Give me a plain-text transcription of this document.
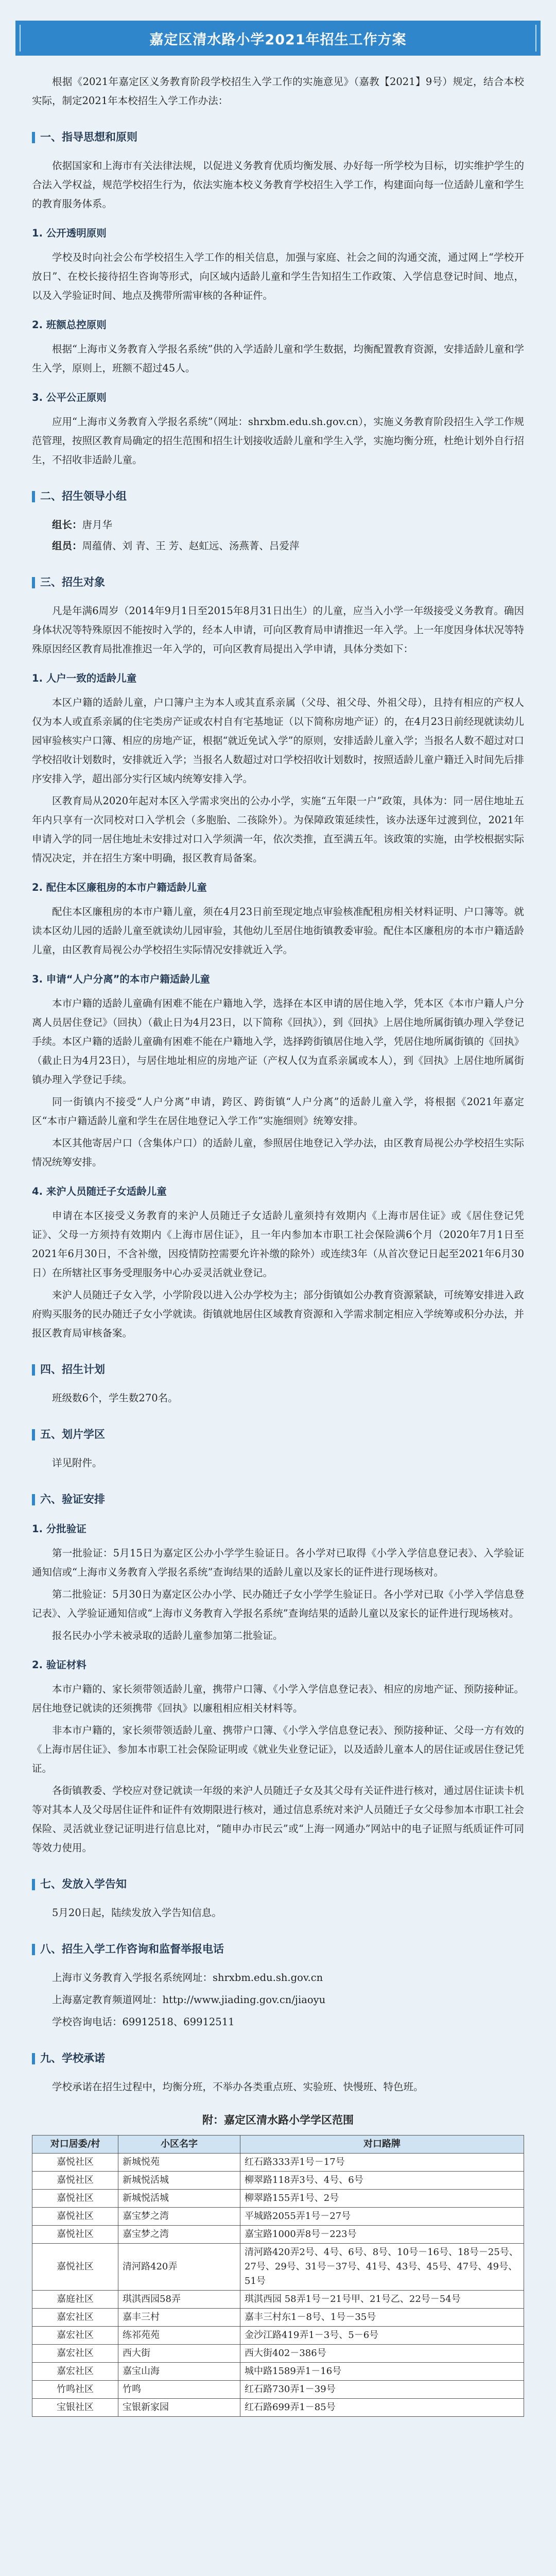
嘉定区清水路小学2021年招生工作方案

根据《2021年嘉定区义务教育阶段学校招生入学工作的实施意见》（嘉教【2021】9号）规定，结合本校实际，制定2021年本校招生入学工作办法：

一、指导思想和原则

依据国家和上海市有关法律法规，以促进义务教育优质均衡发展、办好每一所学校为目标，切实维护学生的合法入学权益，规范学校招生行为，依法实施本校义务教育学校招生入学工作，构建面向每一位适龄儿童和学生的教育服务体系。

1. 公开透明原则

学校及时向社会公布学校招生入学工作的相关信息，加强与家庭、社会之间的沟通交流，通过网上“学校开放日”、在校长接待招生咨询等形式，向区域内适龄儿童和学生告知招生工作政策、入学信息登记时间、地点，以及入学验证时间、地点及携带所需审核的各种证件。

2. 班额总控原则

根据“上海市义务教育入学报名系统”供的入学适龄儿童和学生数据，均衡配置教育资源，安排适龄儿童和学生入学，原则上，班额不超过45人。

3. 公平公正原则

应用“上海市义务教育入学报名系统”（网址：shrxbm.edu.sh.gov.cn），实施义务教育阶段招生入学工作规范管理，按照区教育局确定的招生范围和招生计划接收适龄儿童和学生入学，实施均衡分班，杜绝计划外自行招生，不招收非适龄儿童。

二、招生领导小组

组长：唐月华

组员：周蕴倩、刘 青、王 芳、赵虹远、汤燕菁、吕爱萍

三、招生对象

凡是年满6周岁（2014年9月1日至2015年8月31日出生）的儿童，应当入小学一年级接受义务教育。确因身体状况等特殊原因不能按时入学的，经本人申请，可向区教育局申请推迟一年入学。上一年度因身体状况等特殊原因经区教育局批准推迟一年入学的，可向区教育局提出入学申请，具体分类如下：

1. 人户一致的适龄儿童

本区户籍的适龄儿童，户口簿户主为本人或其直系亲属（父母、祖父母、外祖父母），且持有相应的产权人仅为本人或直系亲属的住宅类房产证或农村自有宅基地证（以下简称房地产证）的，在4月23日前经现就读幼儿园审验核实户口簿、相应的房地产证，根据“就近免试入学”的原则，安排适龄儿童入学；当报名人数不超过对口学校招收计划数时，安排就近入学；当报名人数超过对口学校招收计划数时，按照适龄儿童户籍迁入时间先后排序安排入学，超出部分实行区域内统筹安排入学。

区教育局从2020年起对本区入学需求突出的公办小学，实施“五年限一户”政策，具体为：同一居住地址五年内只享有一次同校对口入学机会（多胞胎、二孩除外）。为保障政策延续性，该办法逐年过渡到位，2021年申请入学的同一居住地址未安排过对口入学须满一年，依次类推，直至满五年。该政策的实施，由学校根据实际情况决定，并在招生方案中明确，报区教育局备案。

2. 配住本区廉租房的本市户籍适龄儿童

配住本区廉租房的本市户籍儿童，须在4月23日前至现定地点审验核准配租房相关材料证明、户口簿等。就读本区幼儿园的适龄儿童至就读幼儿园审验，其他幼儿至居住地街镇教委审验。配住本区廉租房的本市户籍适龄儿童，由区教育局视公办学校招生实际情况安排就近入学。

3. 申请“人户分离”的本市户籍适龄儿童

本市户籍的适龄儿童确有困难不能在户籍地入学，选择在本区申请的居住地入学，凭本区《本市户籍人户分离人员居住登记》（回执）（截止日为4月23日，以下简称《回执》），到《回执》上居住地所属街镇办理入学登记手续。本区户籍的适龄儿童确有困难不能在户籍地入学，选择跨街镇居住地入学，凭居住地所属街镇的《回执》（截止日为4月23日），与居住地址相应的房地产证（产权人仅为直系亲属或本人），到《回执》上居住地所属街镇办理入学登记手续。

同一街镇内不接受“人户分离”申请，跨区、跨街镇“人户分离”的适龄儿童入学，将根据《2021年嘉定区“本市户籍适龄儿童和学生在居住地登记入学工作”实施细则》统筹安排。

本区其他寄居户口（含集体户口）的适龄儿童，参照居住地登记入学办法，由区教育局视公办学校招生实际情况统筹安排。

4. 来沪人员随迁子女适龄儿童

申请在本区接受义务教育的来沪人员随迁子女适龄儿童须持有效期内《上海市居住证》或《居住登记凭证》、父母一方须持有效期内《上海市居住证》，且一年内参加本市职工社会保险满6个月（2020年7月1日至2021年6月30日，不含补缴，因疫情防控需要允许补缴的除外）或连续3年（从首次登记日起至2021年6月30日）在所辖社区事务受理服务中心办妥灵活就业登记。

来沪人员随迁子女入学，小学阶段以进入公办学校为主；部分街镇如公办教育资源紧缺，可统筹安排进入政府购买服务的民办随迁子女小学就读。街镇就地居住区域教育资源和入学需求制定相应入学统筹或积分办法，并报区教育局审核备案。

四、招生计划

班级数6个，学生数270名。

五、划片学区

详见附件。

六、验证安排
1. 分批验证

第一批验证：5月15日为嘉定区公办小学学生验证日。各小学对已取得《小学入学信息登记表》、入学验证通知信或“上海市义务教育入学报名系统”查询结果的适龄儿童以及家长的证件进行现场核对。

第二批验证：5月30日为嘉定区公办小学、民办随迁子女小学学生验证日。各小学对已取《小学入学信息登记表》、入学验证通知信或“上海市义务教育入学报名系统”查询结果的适龄儿童以及家长的证件进行现场核对。

报名民办小学未被录取的适龄儿童参加第二批验证。

2. 验证材料

本市户籍的、家长须带领适龄儿童，携带户口簿、《小学入学信息登记表》、相应的房地产证、预防接种证。居住地登记就读的还须携带《回执》以廉租相应相关材料等。

非本市户籍的，家长须带领适龄儿童、携带户口簿、《小学入学信息登记表》、预防接种证、父母一方有效的《上海市居住证》、参加本市职工社会保险证明或《就业失业登记证》，以及适龄儿童本人的居住证或居住登记凭证。

各街镇教委、学校应对登记就读一年级的来沪人员随迁子女及其父母有关证件进行核对，通过居住证读卡机等对其本人及父母居住证件和证件有效期限进行核对，通过信息系统对来沪人员随迁子女父母参加本市职工社会保险、灵活就业登记证明进行信息比对，“随申办市民云”或“上海一网通办”网站中的电子证照与纸质证件可同等效力使用。

七、发放入学告知

5月20日起，陆续发放入学告知信息。

八、招生入学工作咨询和监督举报电话

上海市义务教育入学报名系统网址：shrxbm.edu.sh.gov.cn

上海嘉定教育频道网址：http://www.jiading.gov.cn/jiaoyu

学校咨询电话：69912518、69912511

九、学校承诺

学校承诺在招生过程中，均衡分班，不举办各类重点班、实验班、快慢班、特色班。

附：嘉定区清水路小学学区范围
对口居委/村	小区名字	对口路牌
嘉悦社区	新城悦苑	红石路333弄1号－17号
嘉悦社区	新城悦活城	柳翠路118弄3号、4号、6号
嘉悦社区	新城悦活城	柳翠路155弄1号、2号
嘉悦社区	嘉宝梦之湾	平城路2055弄1号－27号
嘉悦社区	嘉宝梦之湾	嘉宝路1000弄8号－223号
嘉悦社区	清河路420弄	清河路420弄2号、4号、6号、8号、10号－16号、18号－25号、27号、29号、31号－37号、41号、43号、45号、47号、49号、51号
嘉庭社区	琪淇西园58弄	琪淇西园 58弄1号－21号甲、21号乙、22号－54号
嘉宏社区	嘉丰三村	嘉丰三村东1－8号、1号－35号
嘉宏社区	练祁苑苑	金沙江路419弄1－3号、5－6号
嘉宏社区	西大街	西大街402－386号
嘉宏社区	嘉宝山海	城中路1589弄1－16号
竹鸣社区	竹鸣	红石路730弄1－39号
宝银社区	宝银新家园	红石路699弄1－85号
